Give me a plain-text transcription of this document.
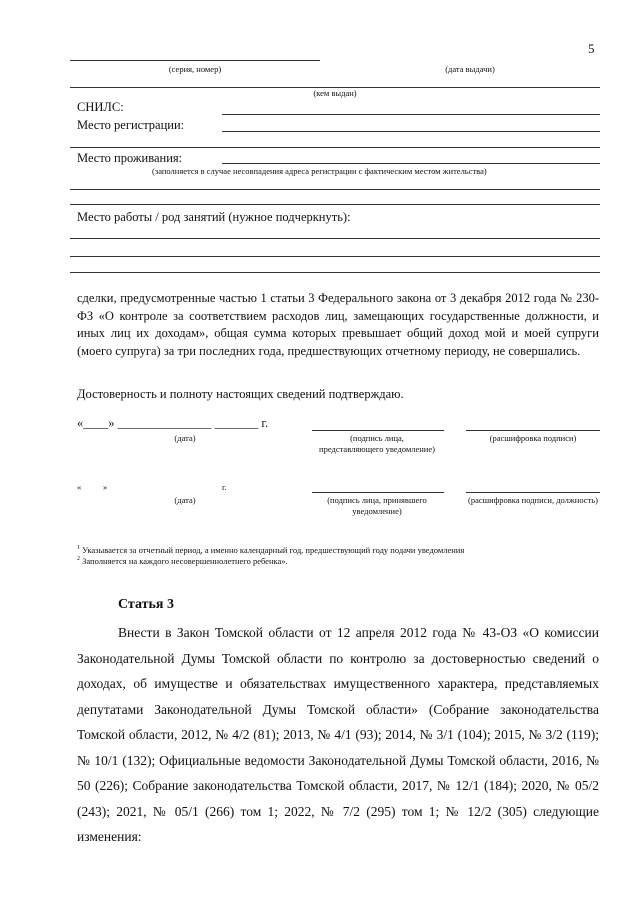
5
(серия, номер)	(дата выдачи)
(кем выдан)
СНИЛС:
Место регистрации:
Место проживания:
(заполняется в случае несовпадения адреса регистрации с фактическим местом жительства)
Место работы / род занятий (нужное подчеркнуть):
сделки, предусмотренные частью 1 статьи 3 Федерального закона от 3 декабря 2012 года № 230-ФЗ «О контроле за соответствием расходов лиц, замещающих государственные должности, и иных лиц их доходам», общая сумма которых превышает общий доход мой и моей супруги (моего супруга) за три последних года, предшествующих отчетному периоду, не совершались.
Достоверность и полноту настоящих сведений подтверждаю.
«____» _______________ _______ г.
(дата)	(подпись лица, представляющего уведомление)
(расшифровка подписи)
«	»	г.
(дата)	(подпись лица, принявшего уведомление)
(расшифровка подписи, должность)
$^1$ Указывается за отчетный период, а именно календарный год, предшествующий году подачи уведомления
$^2$ Заполняется на каждого несовершеннолетнего ребенка».
Статья 3
Внести в Закон Томской области от 12 апреля 2012 года № 43-ОЗ «О комиссии Законодательной Думы Томской области по контролю за достоверностью сведений о доходах, об имуществе и обязательствах имущественного характера, представляемых депутатами Законодательной Думы Томской области» (Собрание законодательства Томской области, 2012, № 4/2 (81); 2013, № 4/1 (93); 2014, № 3/1 (104); 2015, № 3/2 (119); № 10/1 (132); Официальные ведомости Законодательной Думы Томской области, 2016, № 50 (226); Собрание законодательства Томской области, 2017, № 12/1 (184); 2020, № 05/2 (243); 2021, № 05/1 (266) том 1; 2022, № 7/2 (295) том 1; № 12/2 (305) следующие изменения:
